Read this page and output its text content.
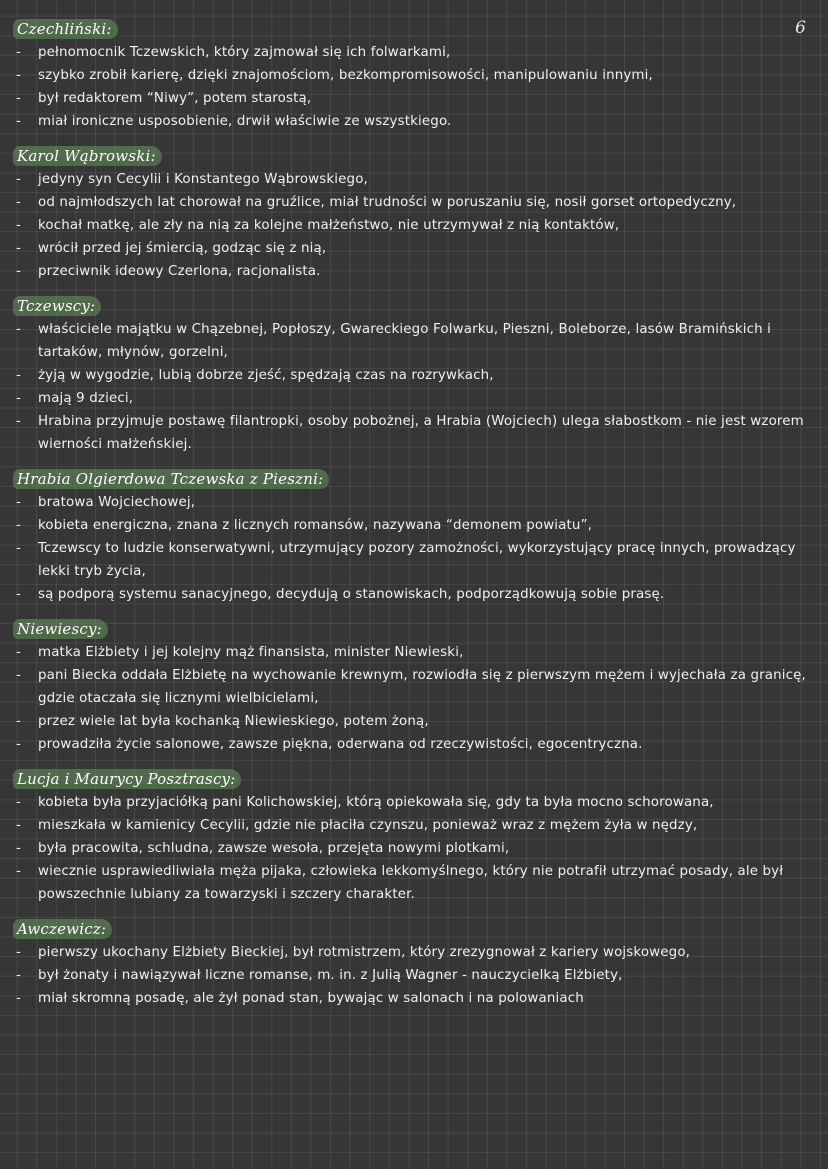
6
Czechliński:
- pełnomocnik Tczewskich, który zajmował się ich folwarkami,
- szybko zrobił karierę, dzięki znajomościom, bezkompromisowości, manipulowaniu innymi,
- był redaktorem “Niwy”, potem starostą,
- miał ironiczne usposobienie, drwił właściwie ze wszystkiego.
Karol Wąbrowski:
- jedyny syn Cecylii i Konstantego Wąbrowskiego,
- od najmłodszych lat chorował na gruźlice, miał trudności w poruszaniu się, nosił gorset ortopedyczny,
- kochał matkę, ale zły na nią za kolejne małżeństwo, nie utrzymywał z nią kontaktów,
- wrócił przed jej śmiercią, godząc się z nią,
- przeciwnik ideowy Czerlona, racjonalista.
Tczewscy:
- właściciele majątku w Chązebnej, Popłoszy, Gwareckiego Folwarku, Pieszni, Boleborze, lasów Bramińskich i tartaków, młynów, gorzelni,
- żyją w wygodzie, lubią dobrze zjeść, spędzają czas na rozrywkach,
- mają 9 dzieci,
- Hrabina przyjmuje postawę filantropki, osoby pobożnej, a Hrabia (Wojciech) ulega słabostkom - nie jest wzorem wierności małżeńskiej.
Hrabia Olgierdowa Tczewska z Pieszni:
- bratowa Wojciechowej,
- kobieta energiczna, znana z licznych romansów, nazywana “demonem powiatu”,
- Tczewscy to ludzie konserwatywni, utrzymujący pozory zamożności, wykorzystujący pracę innych, prowadzący lekki tryb życia,
- są podporą systemu sanacyjnego, decydują o stanowiskach, podporządkowują sobie prasę.
Niewiescy:
- matka Elżbiety i jej kolejny mąż finansista, minister Niewieski,
- pani Biecka oddała Elżbietę na wychowanie krewnym, rozwiodła się z pierwszym mężem i wyjechała za granicę, gdzie otaczała się licznymi wielbicielami,
- przez wiele lat była kochanką Niewieskiego, potem żoną,
- prowadziła życie salonowe, zawsze piękna, oderwana od rzeczywistości, egocentryczna.
Lucja i Maurycy Posztrascy:
- kobieta była przyjaciółką pani Kolichowskiej, którą opiekowała się, gdy ta była mocno schorowana,
- mieszkała w kamienicy Cecylii, gdzie nie płaciła czynszu, ponieważ wraz z mężem żyła w nędzy,
- była pracowita, schludna, zawsze wesoła, przejęta nowymi plotkami,
- wiecznie usprawiedliwiała męża pijaka, człowieka lekkomyślnego, który nie potrafił utrzymać posady, ale był powszechnie lubiany za towarzyski i szczery charakter.
Awczewicz:
- pierwszy ukochany Elżbiety Bieckiej, był rotmistrzem, który zrezygnował z kariery wojskowego,
- był żonaty i nawiązywał liczne romanse, m. in. z Julią Wagner - nauczycielką Elżbiety,
- miał skromną posadę, ale żył ponad stan, bywając w salonach i na polowaniach
